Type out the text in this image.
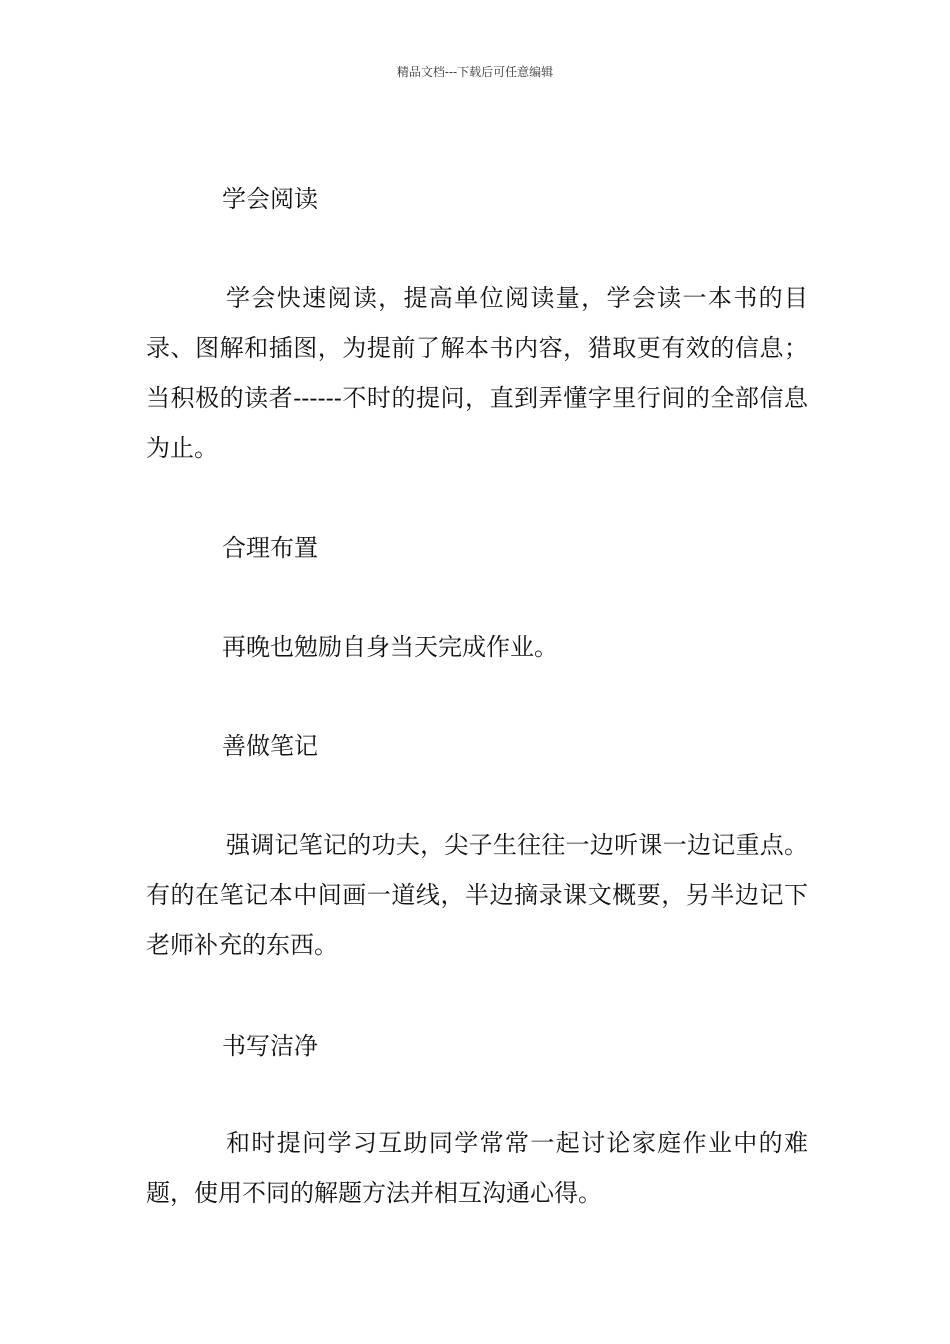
精品文档---下载后可任意编辑
学会阅读
学会快速阅读，提高单位阅读量，学会读一本书的目录、图解和插图，为提前了解本书内容，猎取更有效的信息；当积极的读者------不时的提问，直到弄懂字里行间的全部信息为止。
合理布置
再晚也勉励自身当天完成作业。
善做笔记
强调记笔记的功夫，尖子生往往一边听课一边记重点。有的在笔记本中间画一道线，半边摘录课文概要，另半边记下老师补充的东西。
书写洁净
和时提问学习互助同学常常一起讨论家庭作业中的难题，使用不同的解题方法并相互沟通心得。
